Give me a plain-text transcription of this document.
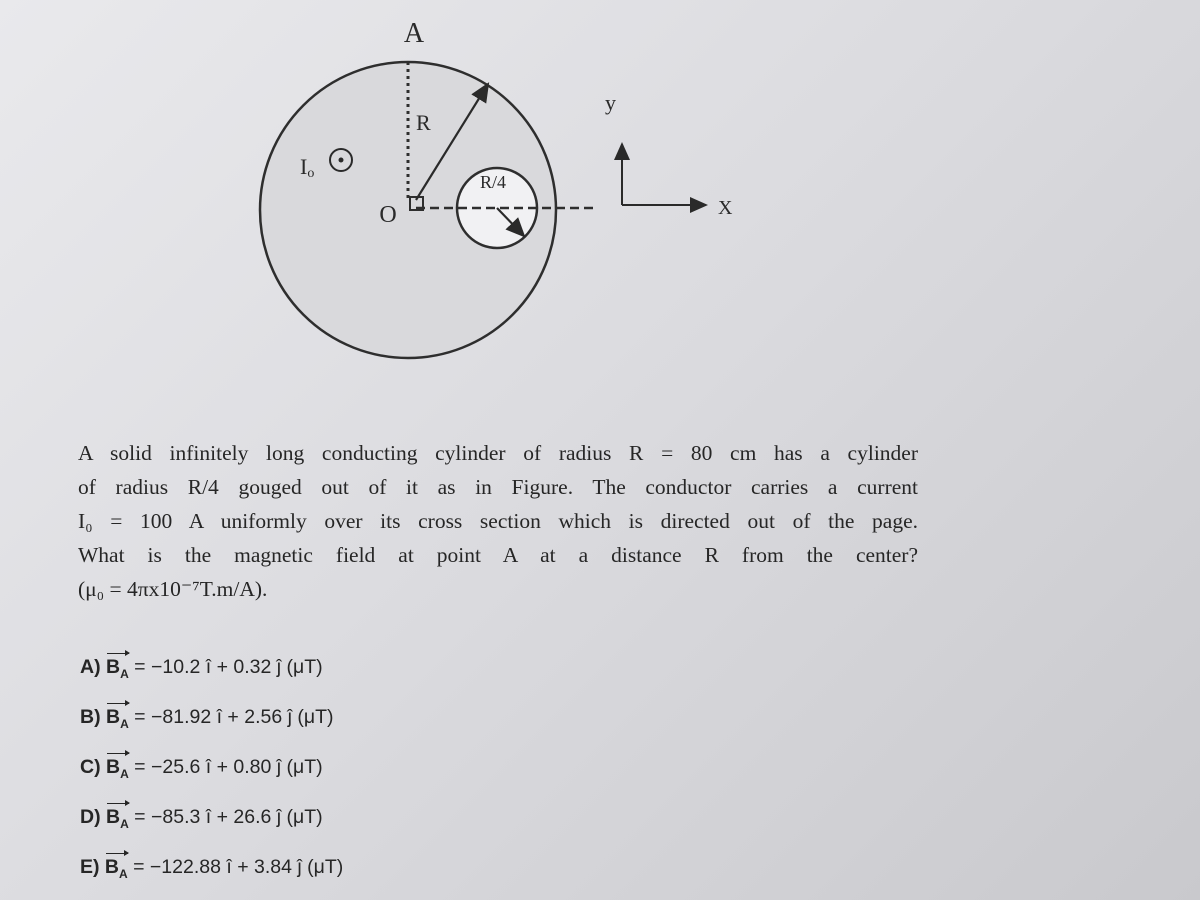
A
R
R/4
Io
O
y
X
A solid infinitely long conducting cylinder of radius R = 80 cm has a cylinder
of radius R/4 gouged out of it as in Figure. The conductor carries a current
I₀ = 100 A uniformly over its cross section which is directed out of the page.
What is the magnetic field at point A at a distance R from the center?
(μ₀ = 4πx10⁻⁷T.m/A).
A) $B_A = -10.2$ î + 0.32 ĵ (μT)
B) $B_A = -81.92$ î + 2.56 ĵ (μT)
C) $B_A = -25.6$ î + 0.80 ĵ (μT)
D) $B_A = -85.3$ î + 26.6 ĵ (μT)
E) $B_A = -122.88$ î + 3.84 ĵ (μT)
